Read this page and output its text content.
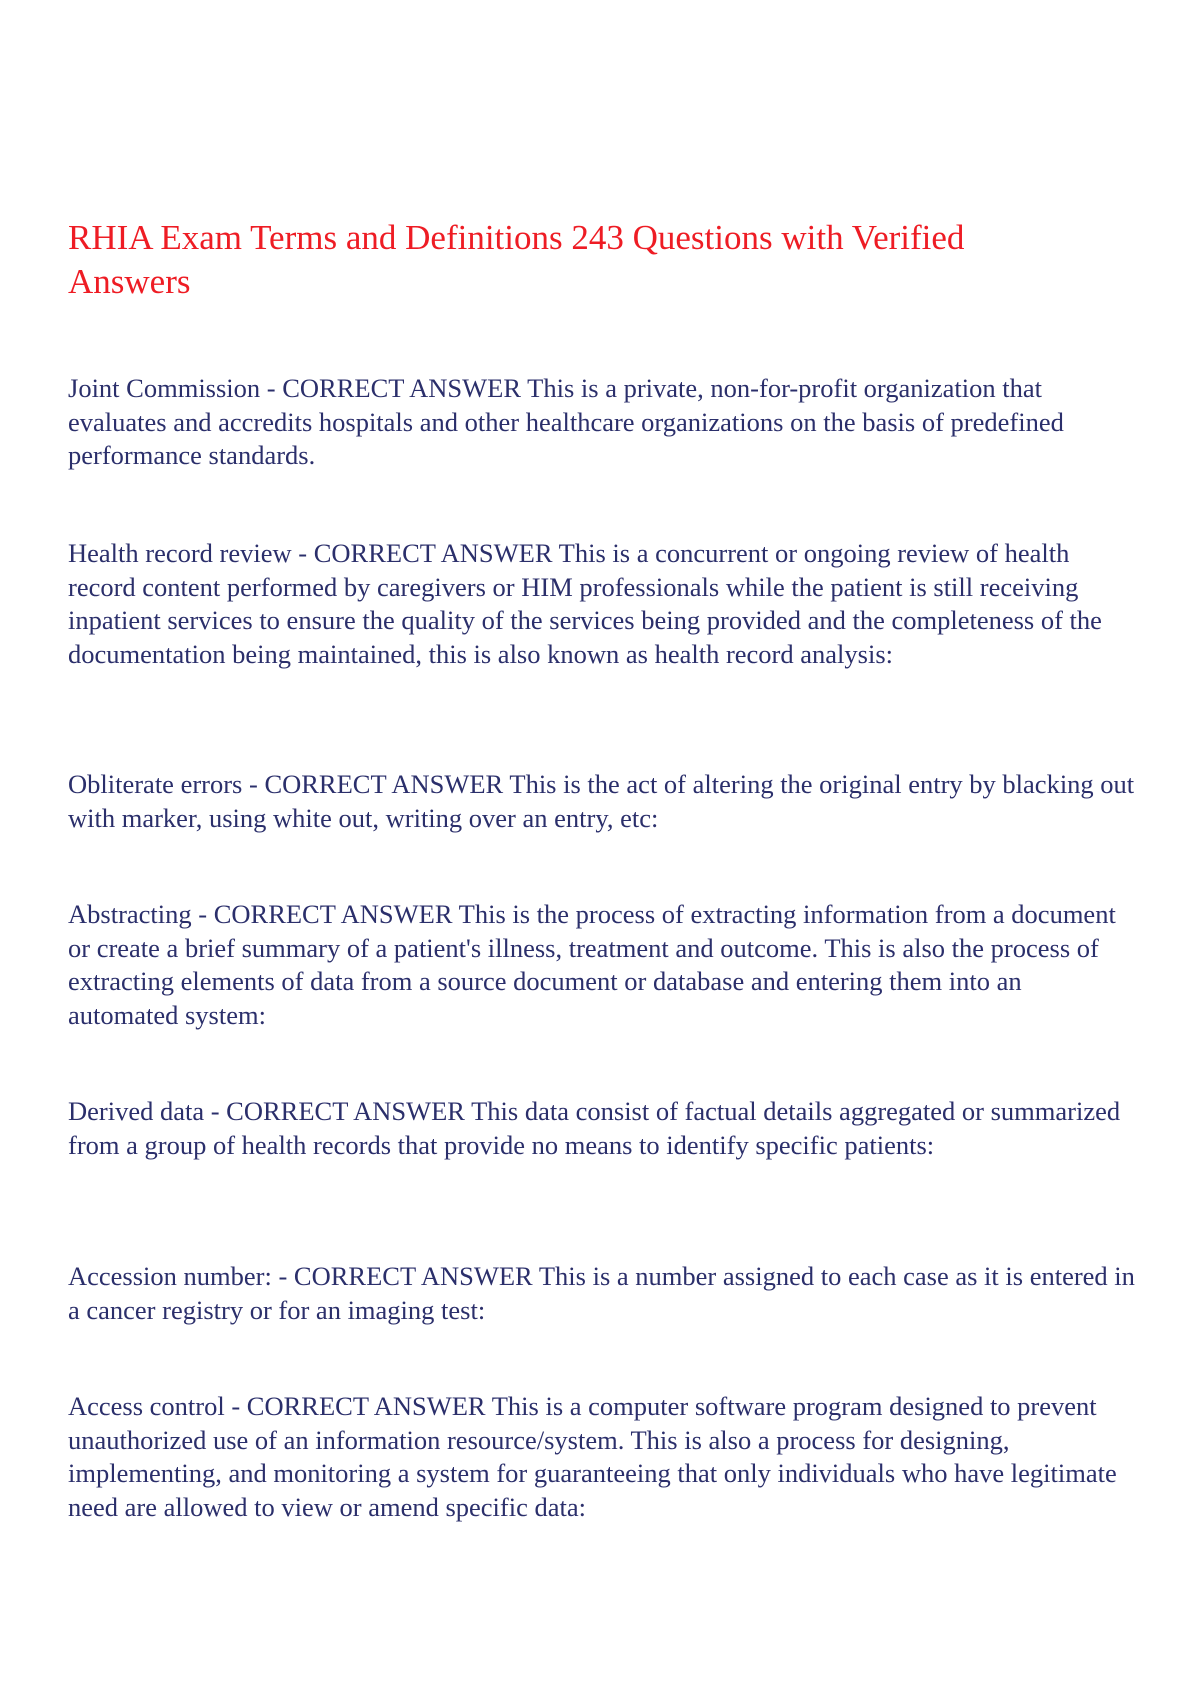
RHIA Exam Terms and Definitions 243 Questions with Verified Answers

Joint Commission - CORRECT ANSWER This is a private, non-for-profit organization that evaluates and accredits hospitals and other healthcare organizations on the basis of predefined performance standards.

Health record review - CORRECT ANSWER This is a concurrent or ongoing review of health record content performed by caregivers or HIM professionals while the patient is still receiving inpatient services to ensure the quality of the services being provided and the completeness of the documentation being maintained, this is also known as health record analysis:

Obliterate errors - CORRECT ANSWER This is the act of altering the original entry by blacking out with marker, using white out, writing over an entry, etc:

Abstracting - CORRECT ANSWER This is the process of extracting information from a document or create a brief summary of a patient's illness, treatment and outcome. This is also the process of extracting elements of data from a source document or database and entering them into an automated system:

Derived data - CORRECT ANSWER This data consist of factual details aggregated or summarized from a group of health records that provide no means to identify specific patients:

Accession number: - CORRECT ANSWER This is a number assigned to each case as it is entered in a cancer registry or for an imaging test:

Access control - CORRECT ANSWER This is a computer software program designed to prevent unauthorized use of an information resource/system. This is also a process for designing, implementing, and monitoring a system for guaranteeing that only individuals who have legitimate need are allowed to view or amend specific data:
